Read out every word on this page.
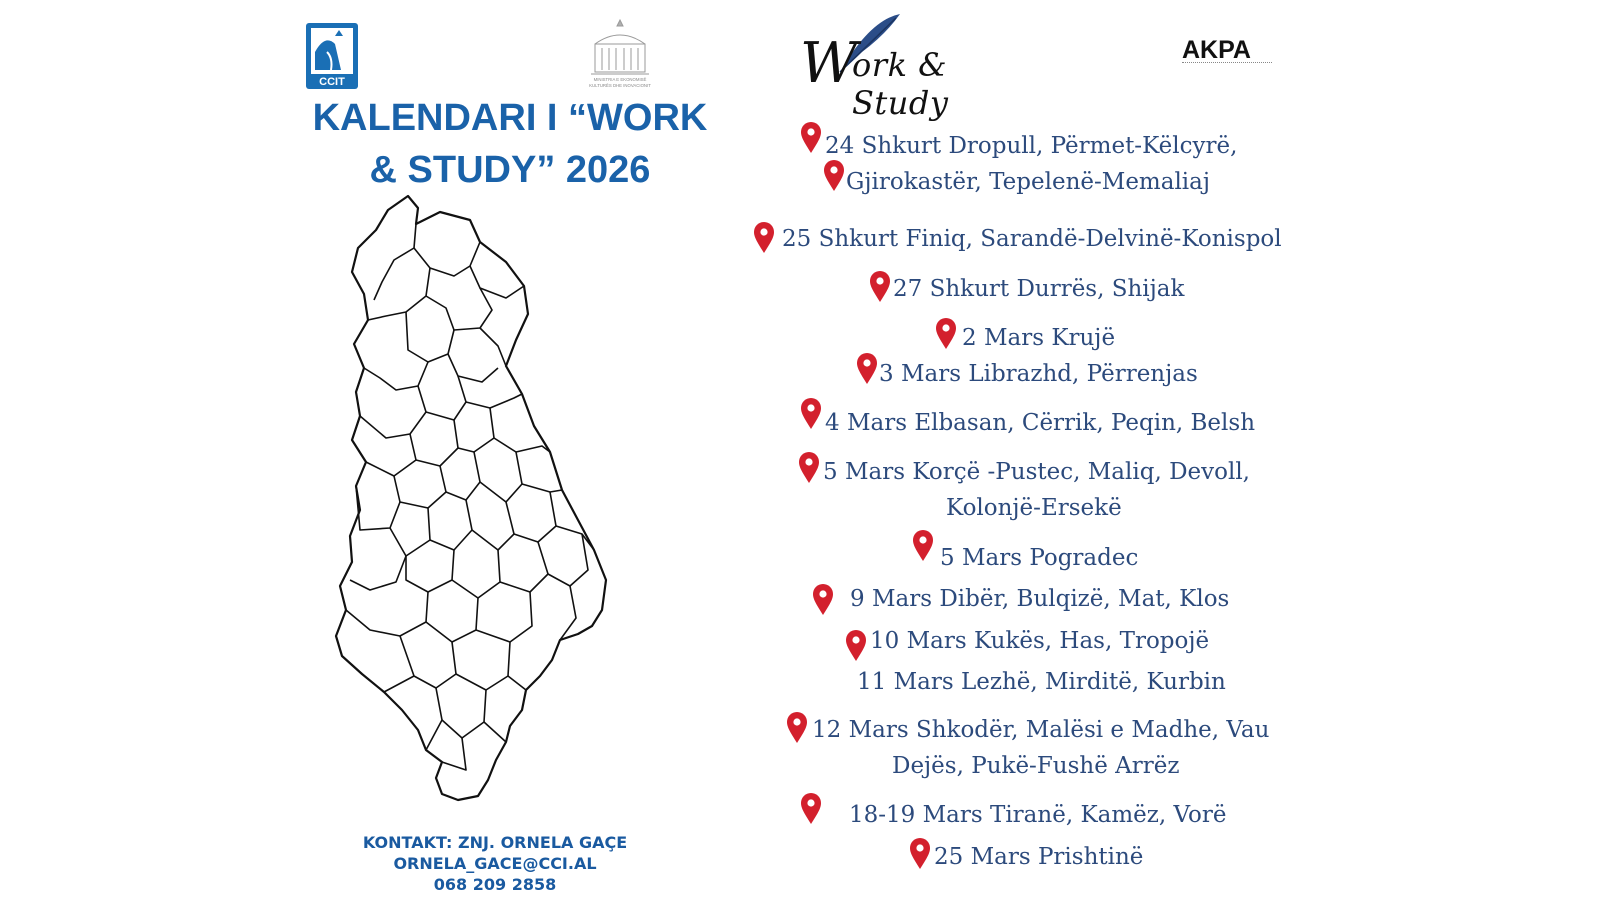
CCIT	MINISTRIA E EKONOMISË
KULTURËS DHE INOVACIONIT	W
ork & Study
AKPA
KALENDARI I “WORK
& STUDY” 2026
KONTAKT: ZNJ. ORNELA GAÇE
ORNELA_GACE@CCI.AL
068 209 2858
24 Shkurt Dropull, Përmet-Këlcyrë,
Gjirokastër, Tepelenë-Memaliaj
25 Shkurt Finiq, Sarandë-Delvinë-Konispol
27 Shkurt Durrës, Shijak
2 Mars Krujë
3 Mars Librazhd, Përrenjas
4 Mars Elbasan, Cërrik, Peqin, Belsh
5 Mars Korçë -Pustec, Maliq, Devoll,
Kolonjë-Ersekë
5 Mars Pogradec
9 Mars Dibër, Bulqizë, Mat, Klos
10 Mars Kukës, Has, Tropojë
11 Mars Lezhë, Mirditë, Kurbin
12 Mars Shkodër, Malësi e Madhe, Vau
Dejës, Pukë-Fushë Arrëz
18-19 Mars Tiranë, Kamëz, Vorë
25 Mars Prishtinë
